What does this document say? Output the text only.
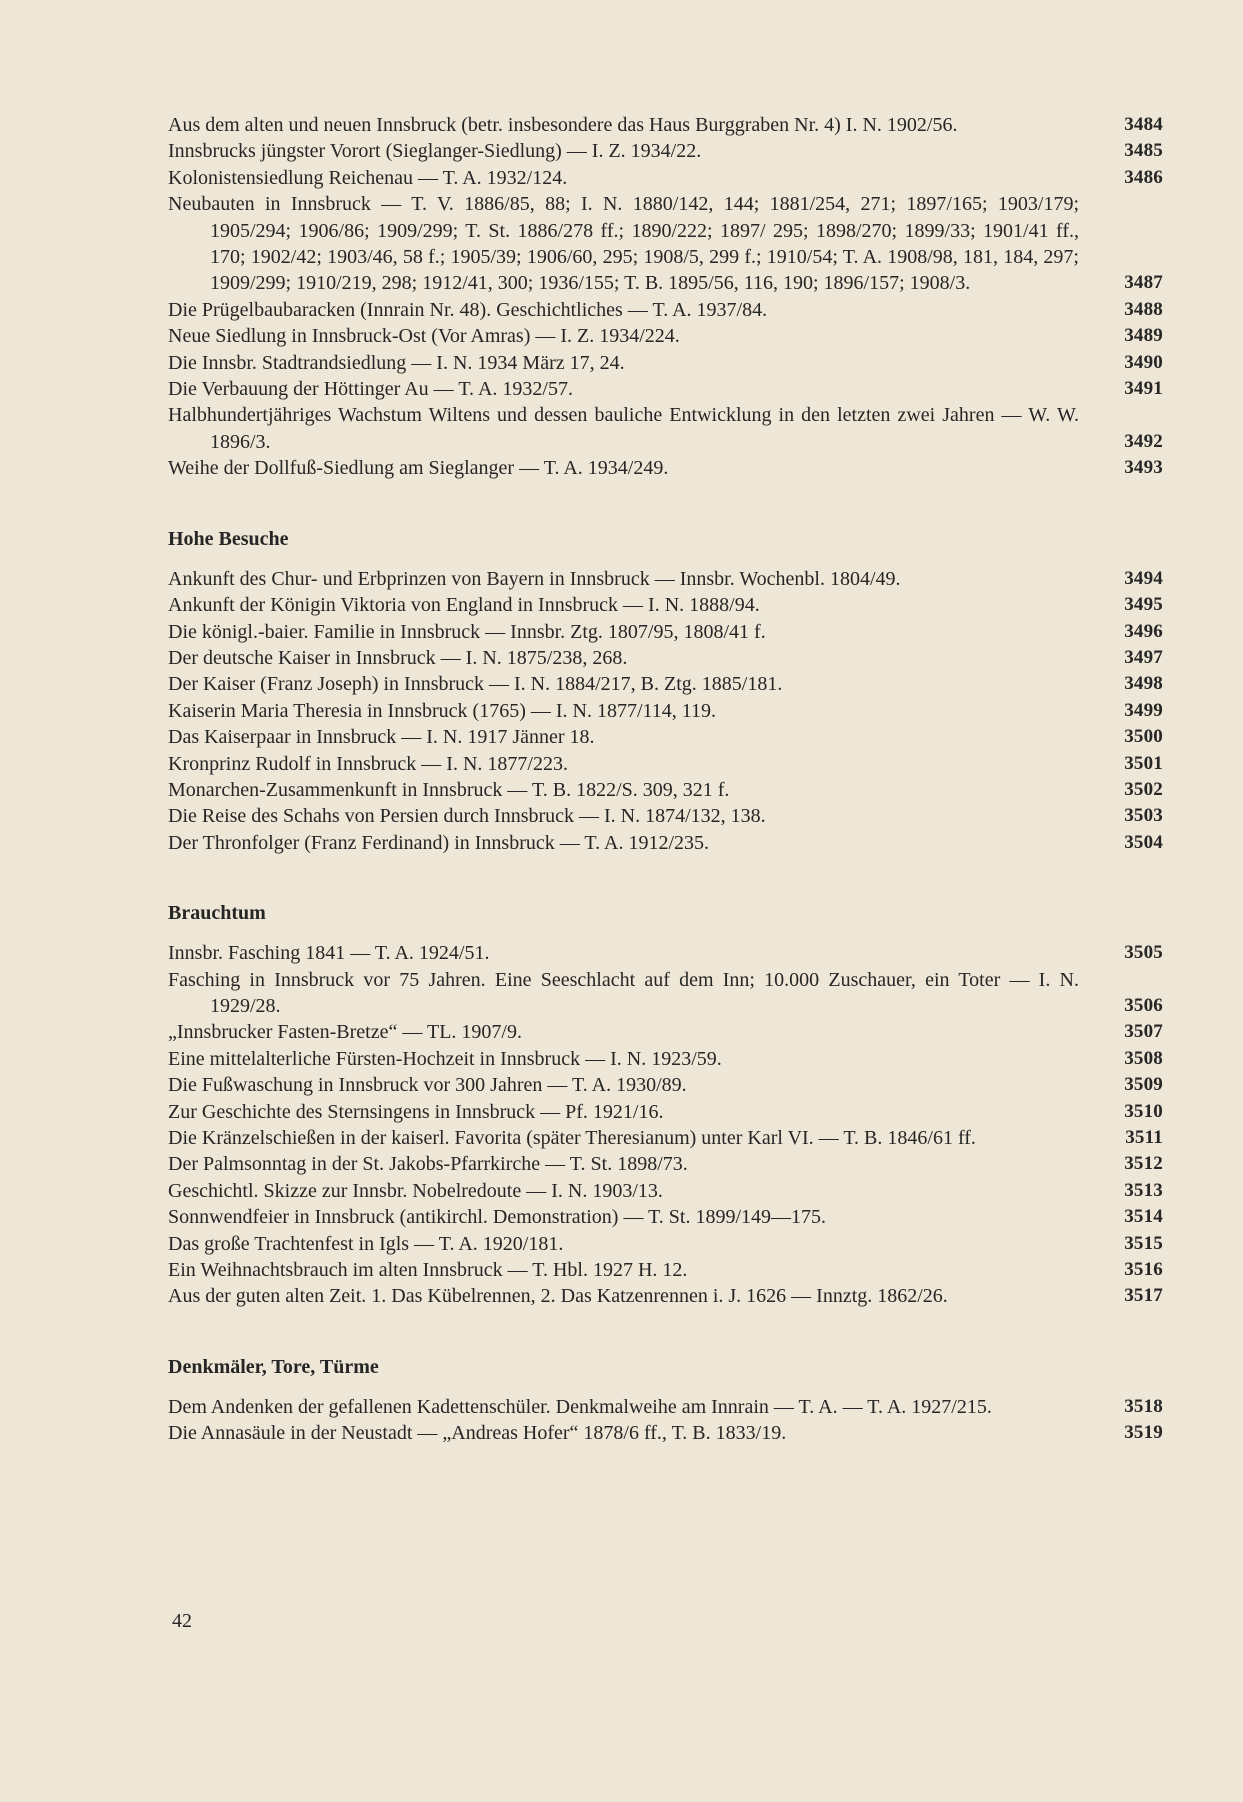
Aus dem alten und neuen Innsbruck (betr. insbesondere das Haus Burggraben Nr. 4) I. N. 1902/56.	3484
Innsbrucks jüngster Vorort (Sieglanger-Siedlung) — I. Z. 1934/22.	3485
Kolonistensiedlung Reichenau — T. A. 1932/124.	3486
Neubauten in Innsbruck — T. V. 1886/85, 88; I. N. 1880/142, 144; 1881/254, 271; 1897/165; 1903/179; 1905/294; 1906/86; 1909/299; T. St. 1886/278 ff.; 1890/222; 1897/ 295; 1898/270; 1899/33; 1901/41 ff., 170; 1902/42; 1903/46, 58 f.; 1905/39; 1906/60, 295; 1908/5, 299 f.; 1910/54; T. A. 1908/98, 181, 184, 297; 1909/299; 1910/219, 298; 1912/41, 300; 1936/155; T. B. 1895/56, 116, 190; 1896/157; 1908/3.	3487
Die Prügelbaubaracken (Innrain Nr. 48). Geschichtliches — T. A. 1937/84.	3488
Neue Siedlung in Innsbruck-Ost (Vor Amras) — I. Z. 1934/224.	3489
Die Innsbr. Stadtrandsiedlung — I. N. 1934 März 17, 24.	3490
Die Verbauung der Höttinger Au — T. A. 1932/57.	3491
Halbhundertjähriges Wachstum Wiltens und dessen bauliche Entwicklung in den letzten zwei Jahren — W. W. 1896/3.	3492
Weihe der Dollfuß-Siedlung am Sieglanger — T. A. 1934/249.	3493
Hohe Besuche
Ankunft des Chur- und Erbprinzen von Bayern in Innsbruck — Innsbr. Wochenbl. 1804/49.	3494
Ankunft der Königin Viktoria von England in Innsbruck — I. N. 1888/94.	3495
Die königl.-baier. Familie in Innsbruck — Innsbr. Ztg. 1807/95, 1808/41 f.	3496
Der deutsche Kaiser in Innsbruck — I. N. 1875/238, 268.	3497
Der Kaiser (Franz Joseph) in Innsbruck — I. N. 1884/217, B. Ztg. 1885/181.	3498
Kaiserin Maria Theresia in Innsbruck (1765) — I. N. 1877/114, 119.	3499
Das Kaiserpaar in Innsbruck — I. N. 1917 Jänner 18.	3500
Kronprinz Rudolf in Innsbruck — I. N. 1877/223.	3501
Monarchen-Zusammenkunft in Innsbruck — T. B. 1822/S. 309, 321 f.	3502
Die Reise des Schahs von Persien durch Innsbruck — I. N. 1874/132, 138.	3503
Der Thronfolger (Franz Ferdinand) in Innsbruck — T. A. 1912/235.	3504
Brauchtum
Innsbr. Fasching 1841 — T. A. 1924/51.	3505
Fasching in Innsbruck vor 75 Jahren. Eine Seeschlacht auf dem Inn; 10.000 Zuschauer, ein Toter — I. N. 1929/28.	3506
„Innsbrucker Fasten-Bretze“ — TL. 1907/9.	3507
Eine mittelalterliche Fürsten-Hochzeit in Innsbruck — I. N. 1923/59.	3508
Die Fußwaschung in Innsbruck vor 300 Jahren — T. A. 1930/89.	3509
Zur Geschichte des Sternsingens in Innsbruck — Pf. 1921/16.	3510
Die Kränzelschießen in der kaiserl. Favorita (später Theresianum) unter Karl VI. — T. B. 1846/61 ff.	3511
Der Palmsonntag in der St. Jakobs-Pfarrkirche — T. St. 1898/73.	3512
Geschichtl. Skizze zur Innsbr. Nobelredoute — I. N. 1903/13.	3513
Sonnwendfeier in Innsbruck (antikirchl. Demonstration) — T. St. 1899/149—175.	3514
Das große Trachtenfest in Igls — T. A. 1920/181.	3515
Ein Weihnachtsbrauch im alten Innsbruck — T. Hbl. 1927 H. 12.	3516
Aus der guten alten Zeit. 1. Das Kübelrennen, 2. Das Katzenrennen i. J. 1626 — Innztg. 1862/26.	3517
Denkmäler, Tore, Türme
Dem Andenken der gefallenen Kadettenschüler. Denkmalweihe am Innrain — T. A. — T. A. 1927/215.	3518
Die Annasäule in der Neustadt — „Andreas Hofer“ 1878/6 ff., T. B. 1833/19.	3519
42
